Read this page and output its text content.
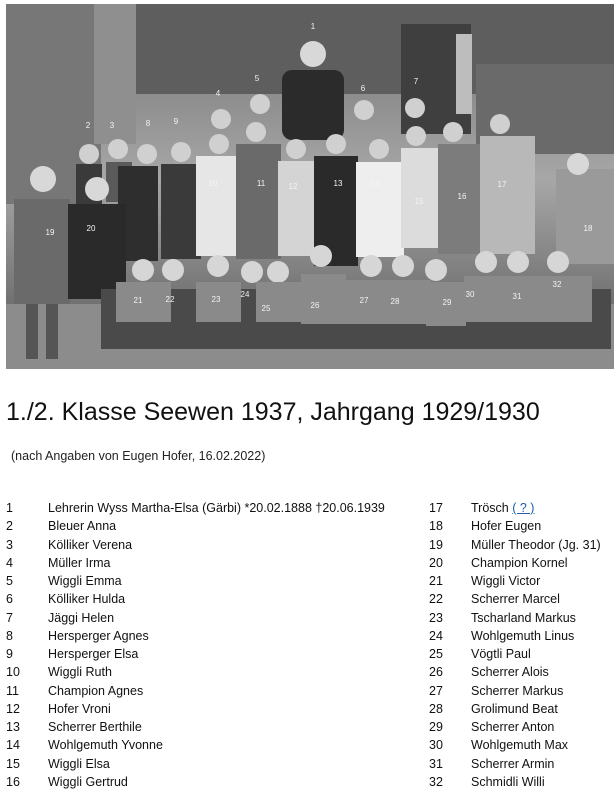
1
2 3
4
5
6
7
8	9
10	11	12	13	14
15
16
17
18
19	20
21	22	23
24
25	26
27	28	29
30	31
32
1./2. Klasse Seewen 1937, Jahrgang 1929/1930
(nach Angaben von Eugen Hofer, 16.02.2022)
1	Lehrerin Wyss Martha-Elsa (Gärbi) *20.02.1888 †20.06.1939
2	Bleuer Anna
3	Kölliker Verena
4	Müller Irma
5	Wiggli Emma
6	Kölliker Hulda
7	Jäggi Helen
8	Hersperger Agnes
9	Hersperger Elsa
10 Wiggli Ruth
11 Champion Agnes
12 Hofer Vroni
13 Scherrer Berthile
14 Wohlgemuth Yvonne
15 Wiggli Elsa
16 Wiggli Gertrud
17 Trösch ( ? )
18 Hofer Eugen
19 Müller Theodor (Jg. 31)
20 Champion Kornel
21 Wiggli Victor
22 Scherrer Marcel
23 Tscharland Markus
24 Wohlgemuth Linus
25 Vögtli Paul
26 Scherrer Alois
27 Scherrer Markus
28 Grolimund Beat
29 Scherrer Anton
30 Wohlgemuth Max
31 Scherrer Armin
32 Schmidli Willi
